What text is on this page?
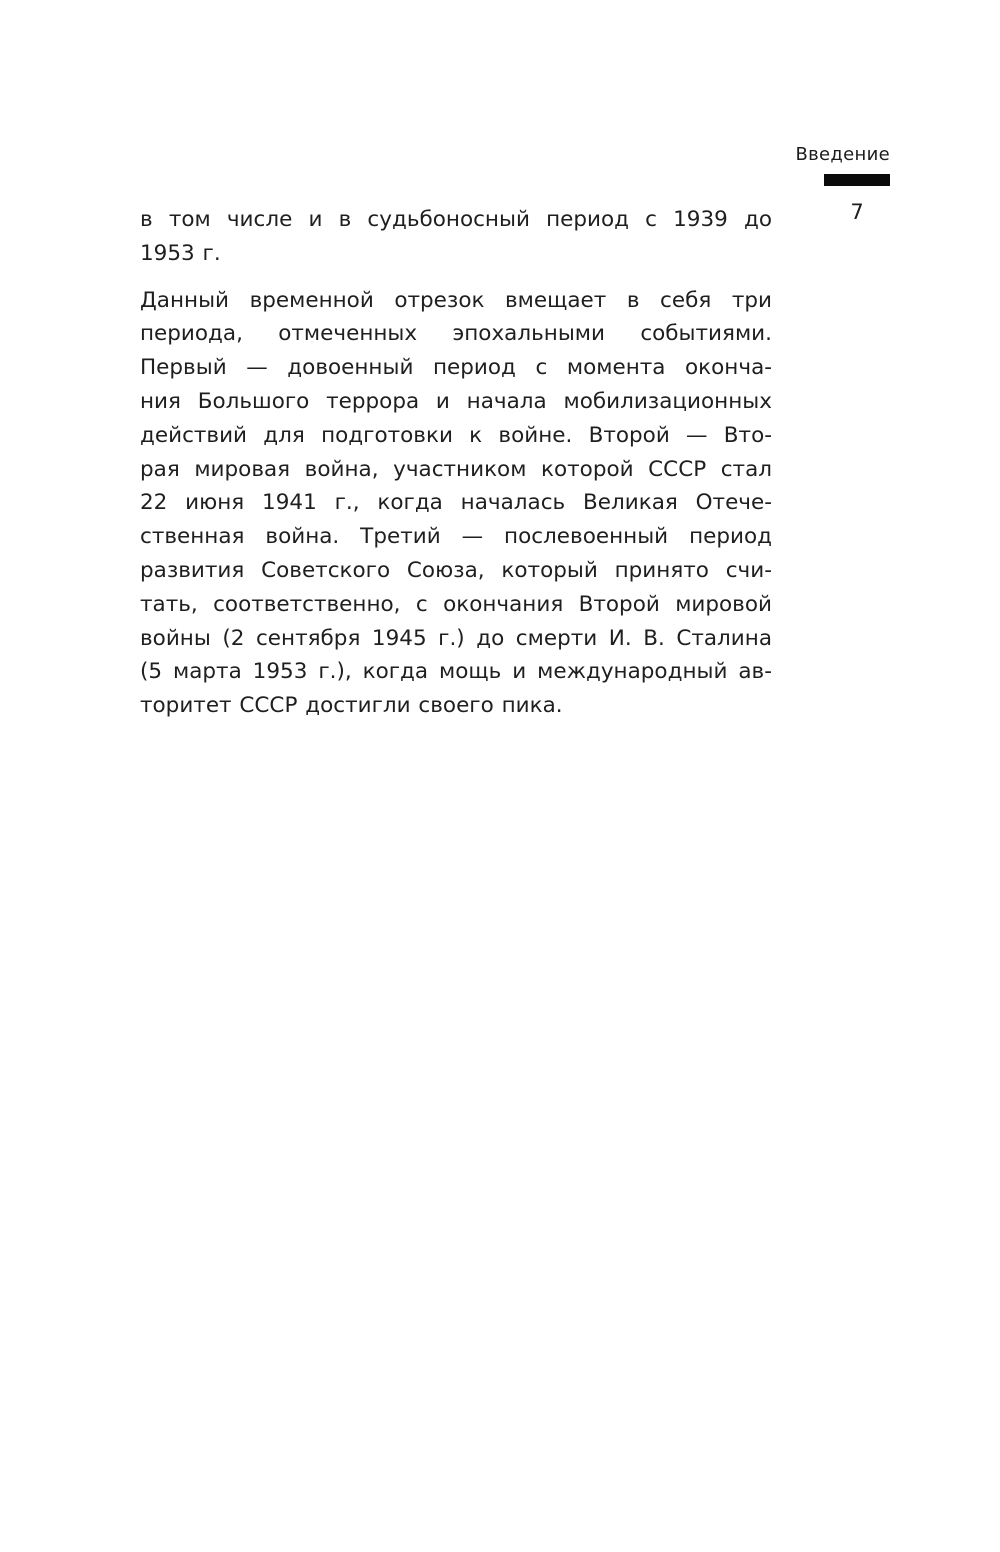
Введение
7
в том числе и в судьбоносный период с 1939 до
1953 г.
Данный временной отрезок вмещает в себя три
периода, отмеченных эпохальными событиями.
Первый — довоенный период с момента оконча-
ния Большого террора и начала мобилизационных
действий для подготовки к войне. Второй — Вто-
рая мировая война, участником которой СССР стал
22 июня 1941 г., когда началась Великая Отече-
ственная война. Третий — послевоенный период
развития Советского Союза, который принято счи-
тать, соответственно, с окончания Второй мировой
войны (2 сентября 1945 г.) до смерти И. В. Сталина
(5 марта 1953 г.), когда мощь и международный ав-
торитет СССР достигли своего пика.
